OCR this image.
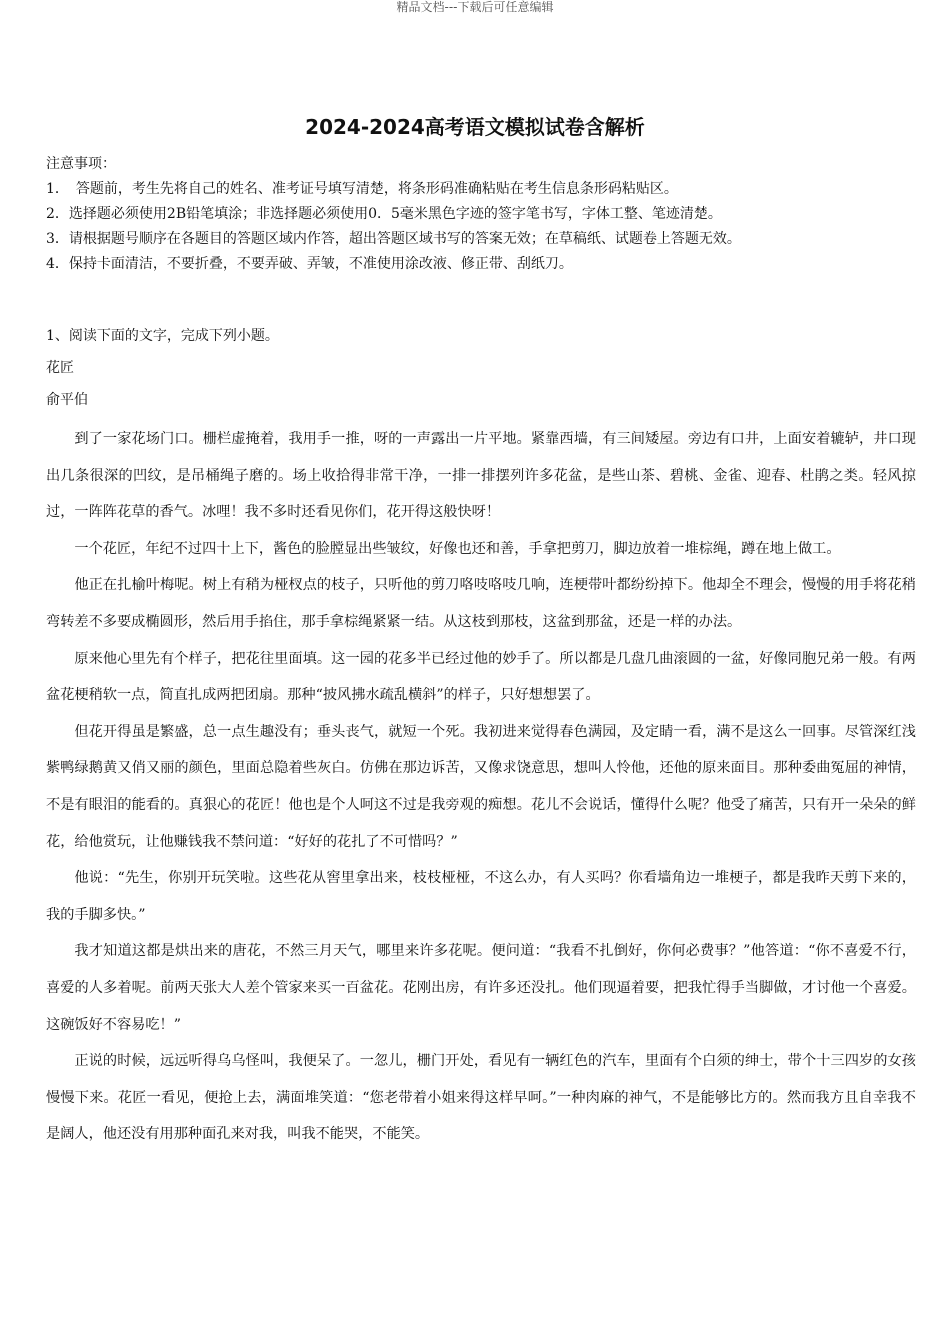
精品文档---下载后可任意编辑
2024-2024高考语文模拟试卷含解析
注意事项：
1．　答题前，考生先将自己的姓名、准考证号填写清楚，将条形码准确粘贴在考生信息条形码粘贴区。
2．选择题必须使用2B铅笔填涂；非选择题必须使用0．5毫米黑色字迹的签字笔书写，字体工整、笔迹清楚。
3．请根据题号顺序在各题目的答题区域内作答，超出答题区域书写的答案无效；在草稿纸、试题卷上答题无效。
4．保持卡面清洁，不要折叠，不要弄破、弄皱，不准使用涂改液、修正带、刮纸刀。
1、阅读下面的文字，完成下列小题。
花匠
俞平伯

到了一家花场门口。栅栏虚掩着，我用手一推，呀的一声露出一片平地。紧靠西墙，有三间矮屋。旁边有口井，上面安着辘轳，井口现出几条很深的凹纹，是吊桶绳子磨的。场上收拾得非常干净，一排一排摆列许多花盆，是些山茶、碧桃、金雀、迎春、杜鹃之类。轻风掠过，一阵阵花草的香气。冰哩！我不多时还看见你们，花开得这般快呀！

一个花匠，年纪不过四十上下，酱色的脸膛显出些皱纹，好像也还和善，手拿把剪刀，脚边放着一堆棕绳，蹲在地上做工。

他正在扎榆叶梅呢。树上有稍为桠杈点的枝子，只听他的剪刀咯吱咯吱几响，连梗带叶都纷纷掉下。他却全不理会，慢慢的用手将花稍弯转差不多要成椭圆形，然后用手掐住，那手拿棕绳紧紧一结。从这枝到那枝，这盆到那盆，还是一样的办法。

原来他心里先有个样子，把花往里面填。这一园的花多半已经过他的妙手了。所以都是几盘几曲滚圆的一盆，好像同胞兄弟一般。有两盆花梗稍软一点，简直扎成两把团扇。那种“披风拂水疏乱横斜”的样子，只好想想罢了。

但花开得虽是繁盛，总一点生趣没有；垂头丧气，就短一个死。我初进来觉得春色满园，及定睛一看，满不是这么一回事。尽管深红浅紫鸭绿鹅黄又俏又丽的颜色，里面总隐着些灰白。仿佛在那边诉苦，又像求饶意思，想叫人怜他，还他的原来面目。那种委曲冤屈的神情，不是有眼泪的能看的。真狠心的花匠！他也是个人呵这不过是我旁观的痴想。花儿不会说话，懂得什么呢？他受了痛苦，只有开一朵朵的鲜花，给他赏玩，让他赚钱我不禁问道：“好好的花扎了不可惜吗？”

他说：“先生，你别开玩笑啦。这些花从窖里拿出来，枝枝桠桠，不这么办，有人买吗？你看墙角边一堆梗子，都是我昨天剪下来的，我的手脚多快。”

我才知道这都是烘出来的唐花，不然三月天气，哪里来许多花呢。便问道：“我看不扎倒好，你何必费事？”他答道：“你不喜爱不行，喜爱的人多着呢。前两天张大人差个管家来买一百盆花。花刚出房，有许多还没扎。他们现逼着要，把我忙得手当脚做，才讨他一个喜爱。这碗饭好不容易吃！”

正说的时候，远远听得乌乌怪叫，我便呆了。一忽儿，栅门开处，看见有一辆红色的汽车，里面有个白须的绅士，带个十三四岁的女孩慢慢下来。花匠一看见，便抢上去，满面堆笑道：“您老带着小姐来得这样早呵。”一种肉麻的神气，不是能够比方的。然而我方且自幸我不是阔人，他还没有用那种面孔来对我，叫我不能哭，不能笑。
